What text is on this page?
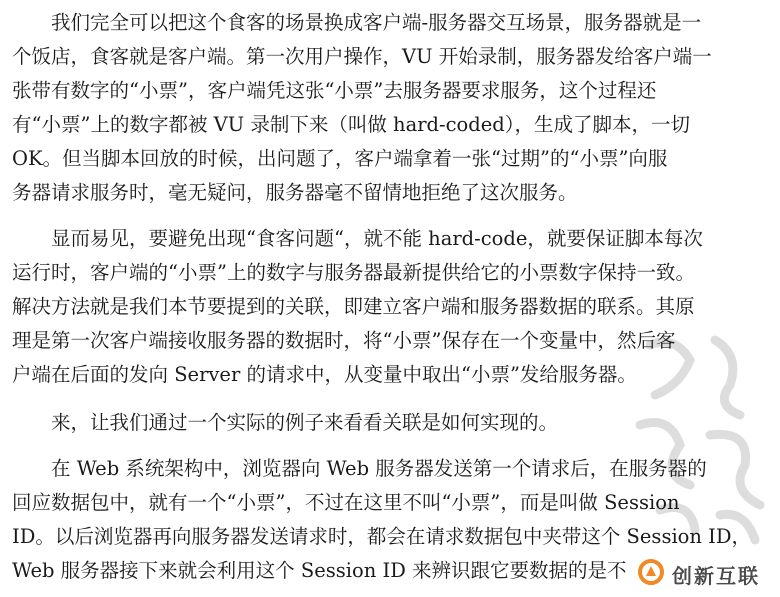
我们完全可以把这个食客的场景换成客户端-服务器交互场景，服务器就是一
个饭店，食客就是客户端。第一次用户操作，VU 开始录制，服务器发给客户端一
张带有数字的“小票”，客户端凭这张“小票”去服务器要求服务，这个过程还
有“小票”上的数字都被 VU 录制下来（叫做 hard-coded），生成了脚本，一切
OK。但当脚本回放的时候，出问题了，客户端拿着一张“过期”的“小票”向服
务器请求服务时，毫无疑问，服务器毫不留情地拒绝了这次服务。

显而易见，要避免出现“食客问题“，就不能 hard-code，就要保证脚本每次
运行时，客户端的“小票”上的数字与服务器最新提供给它的小票数字保持一致。
解决方法就是我们本节要提到的关联，即建立客户端和服务器数据的联系。其原
理是第一次客户端接收服务器的数据时，将“小票”保存在一个变量中，然后客
户端在后面的发向 Server 的请求中，从变量中取出“小票”发给服务器。

来，让我们通过一个实际的例子来看看关联是如何实现的。

在 Web 系统架构中，浏览器向 Web 服务器发送第一个请求后，在服务器的
回应数据包中，就有一个“小票”，不过在这里不叫“小票”，而是叫做 Session
ID。以后浏览器再向服务器发送请求时，都会在请求数据包中夹带这个 Session ID，
Web 服务器接下来就会利用这个 Session ID 来辨识跟它要数据的是不	创新互联
